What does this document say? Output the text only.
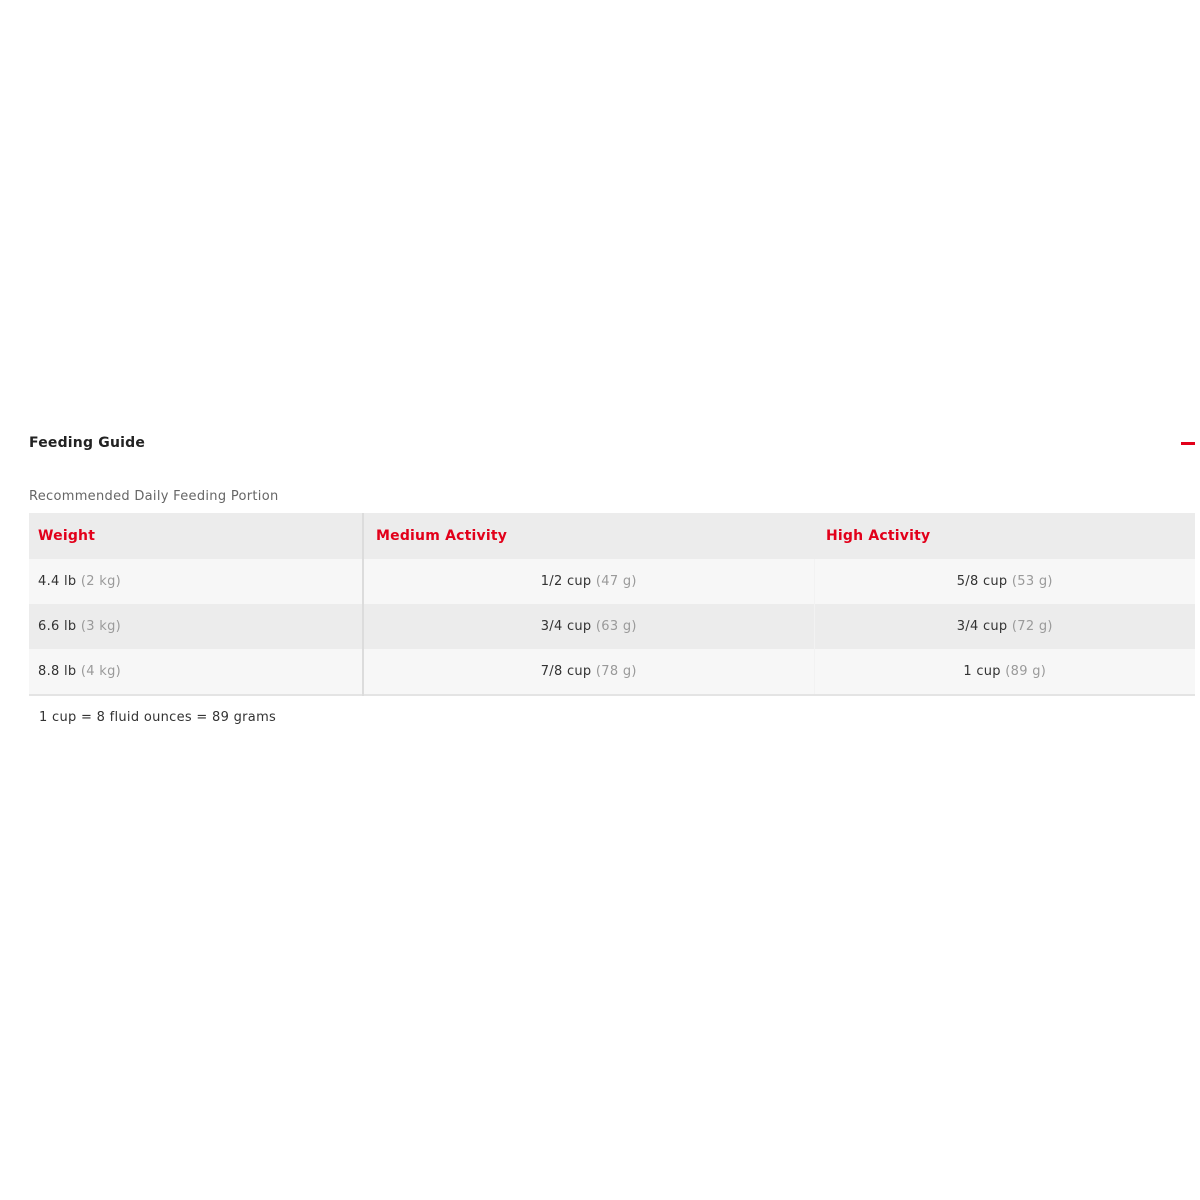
Feeding Guide
Recommended Daily Feeding Portion
Weight	Medium Activity	High Activity
4.4 lb (2 kg)	1/2 cup (47 g)	5/8 cup (53 g)
6.6 lb (3 kg)	3/4 cup (63 g)	3/4 cup (72 g)
8.8 lb (4 kg)	7/8 cup (78 g)	1 cup (89 g)
1 cup = 8 fluid ounces = 89 grams
